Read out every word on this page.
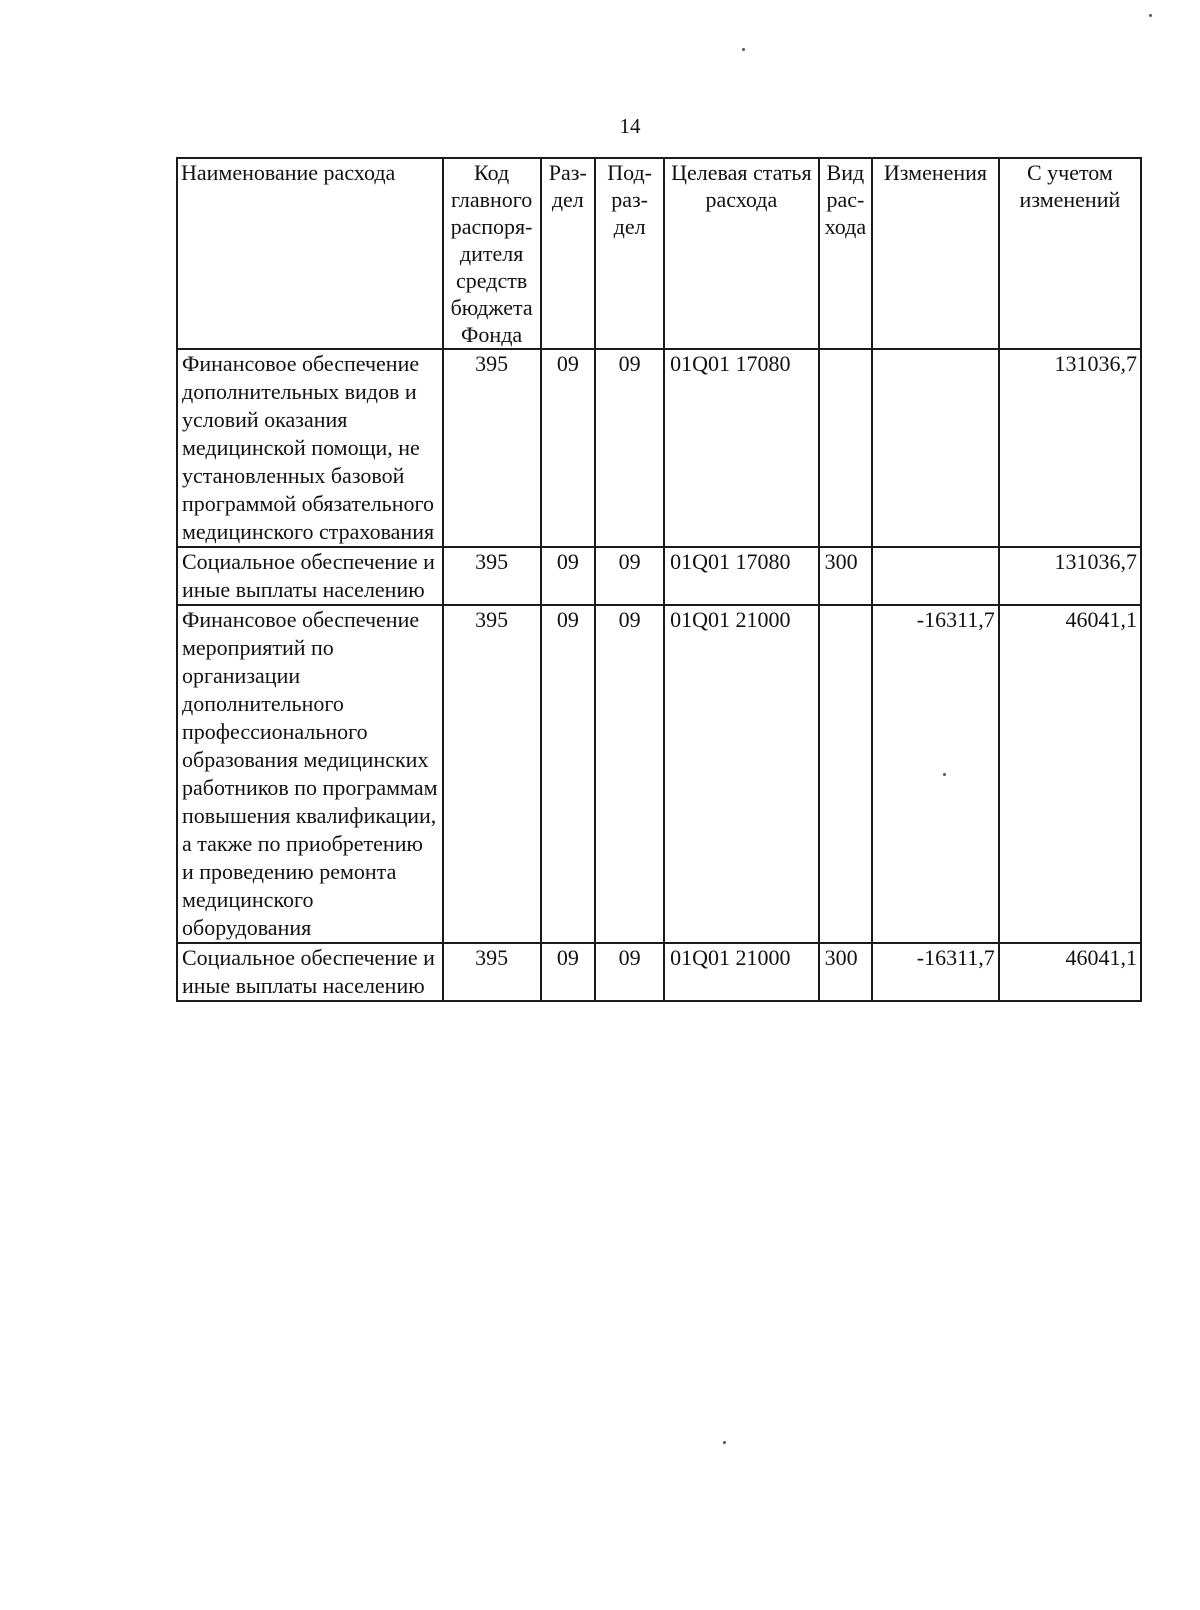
14
Наименование расхода	Код главного распоря-дителя средств бюджета Фонда	Раз-дел	Под-раз-дел	Целевая статья расхода	Вид рас-хода	Изменения	С учетом изменений
Финансовое обеспечение дополнительных видов и условий оказания медицинской помощи, не установленных базовой программой обязательного медицинского страхования	395	09	09	01Q01 17080			131036,7
Социальное обеспечение и иные выплаты населению	395	09	09	01Q01 17080	300		131036,7
Финансовое обеспечение мероприятий по организации дополнительного профессионального образования медицинских работников по программам повышения квалификации, а также по приобретению и проведению ремонта медицинского оборудования	395	09	09	01Q01 21000		-16311,7	46041,1
Социальное обеспечение и иные выплаты населению	395	09	09	01Q01 21000	300	-16311,7	46041,1
